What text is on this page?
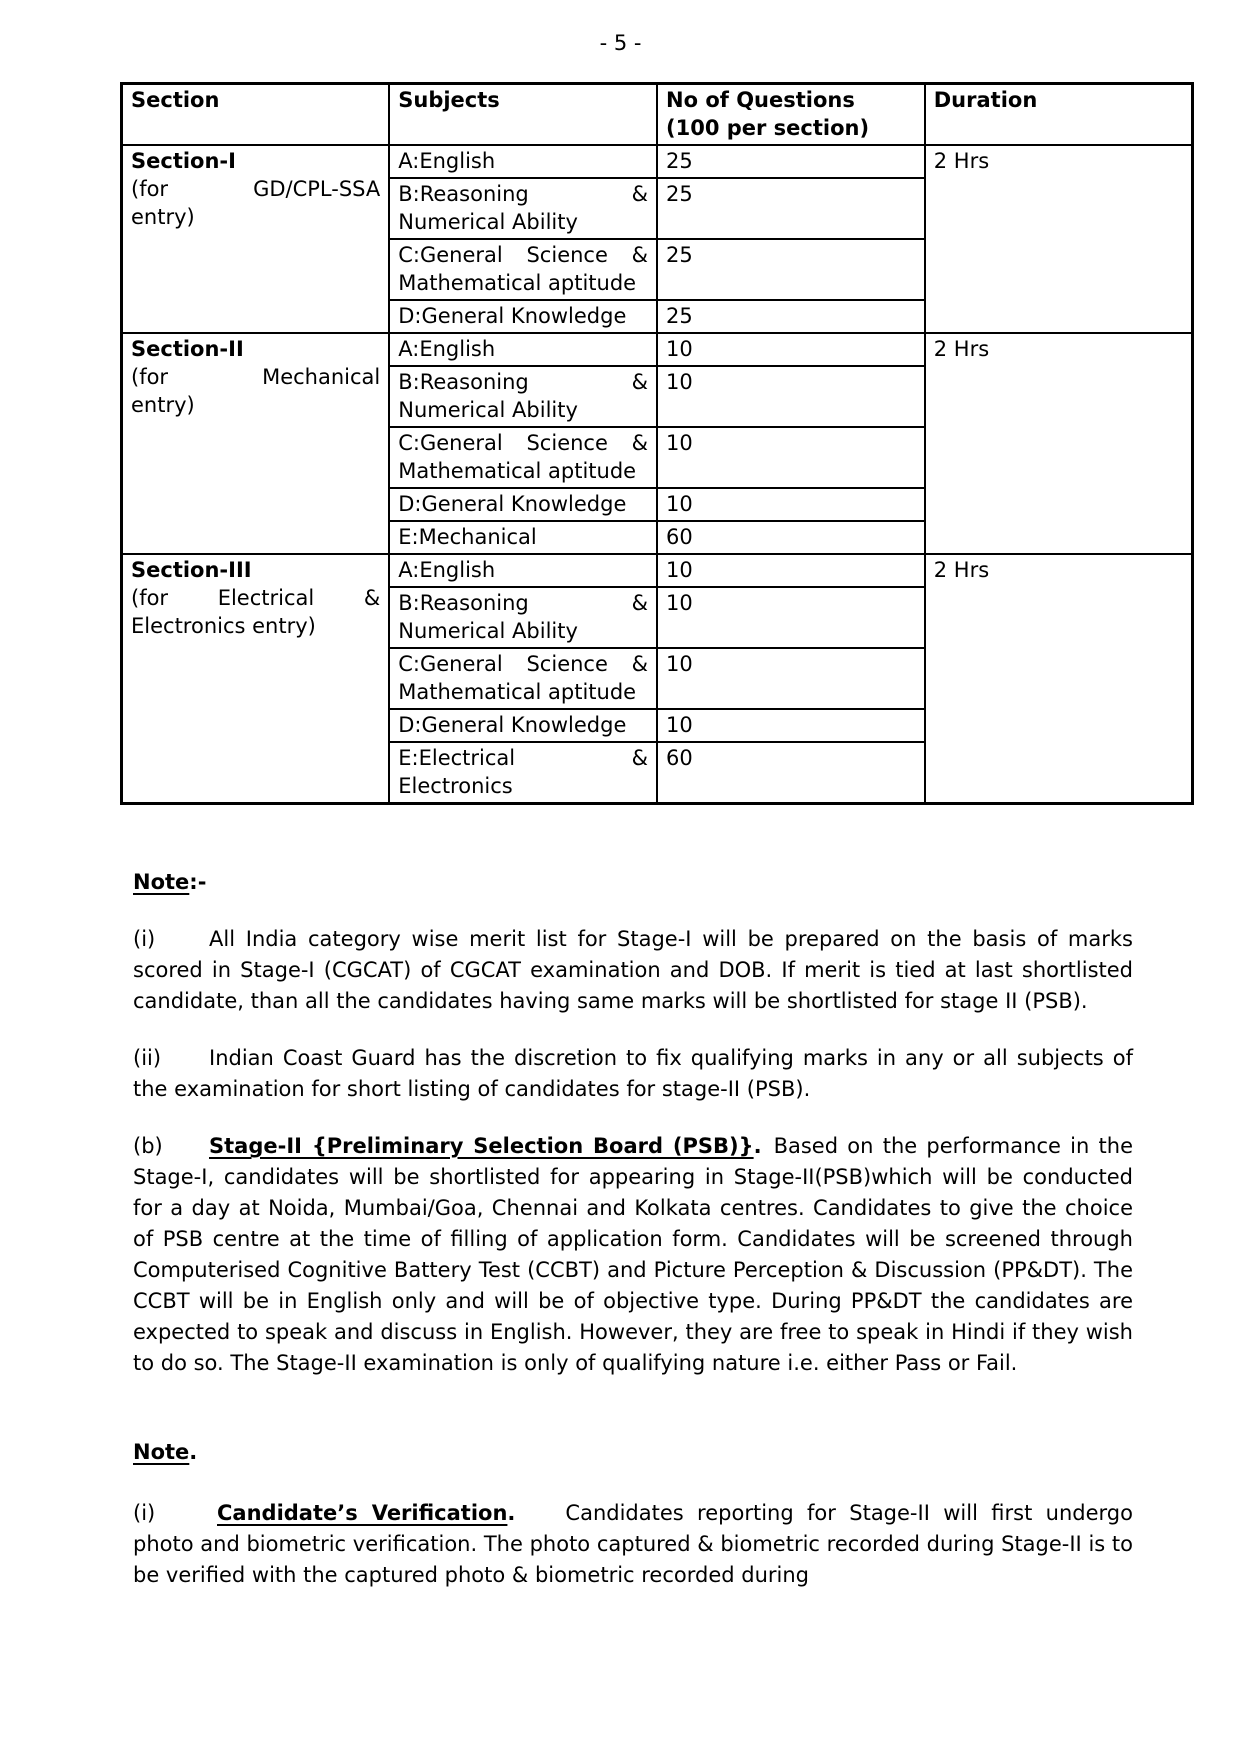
- 5 -
Section	Subjects	No of Questions
(100 per section)	Duration

Section-I
(for GD/CPL-SSA
entry)	A:English	25	2 Hrs

	B:Reasoning &
Numerical Ability	25	

	C:General Science &
Mathematical aptitude	25	

	D:General Knowledge	25	

Section-II
(for Mechanical
entry)	A:English	10	2 Hrs

	B:Reasoning &
Numerical Ability	10	

	C:General Science &
Mathematical aptitude	10	

	D:General Knowledge	10	

	E:Mechanical	60	

Section-III
(for Electrical &
Electronics entry)	A:English	10	2 Hrs

	B:Reasoning &
Numerical Ability	10	

	C:General Science &
Mathematical aptitude	10	

	D:General Knowledge	10	

	E:Electrical &
Electronics	60	

Note:-

(i)	All India category wise merit list for Stage-I will be prepared on the basis of marks scored in Stage-I (CGCAT) of CGCAT examination and DOB. If merit is tied at last shortlisted candidate, than all the candidates having same marks will be shortlisted for stage II (PSB).

(ii) Indian Coast Guard has the discretion to fix qualifying marks in any or all subjects of the examination for short listing of candidates for stage-II (PSB).

(b) Stage-II {Preliminary Selection Board (PSB)}. Based on the performance in the Stage-I, candidates will be shortlisted for appearing in Stage-II(PSB)which will be conducted for a day at Noida, Mumbai/Goa, Chennai and Kolkata centres. Candidates to give the choice of PSB centre at the time of filling of application form. Candidates will be screened through Computerised Cognitive Battery Test (CCBT) and Picture Perception & Discussion (PP&DT). The CCBT will be in English only and will be of objective type. During PP&DT the candidates are expected to speak and discuss in English. However, they are free to speak in Hindi if they wish to do so. The Stage-II examination is only of qualifying nature i.e. either Pass or Fail.

Note.

(i)	Candidate’s Verification. Candidates reporting for Stage-II will first undergo photo and biometric verification. The photo captured & biometric recorded during Stage-II is to be verified with the captured photo & biometric recorded during
